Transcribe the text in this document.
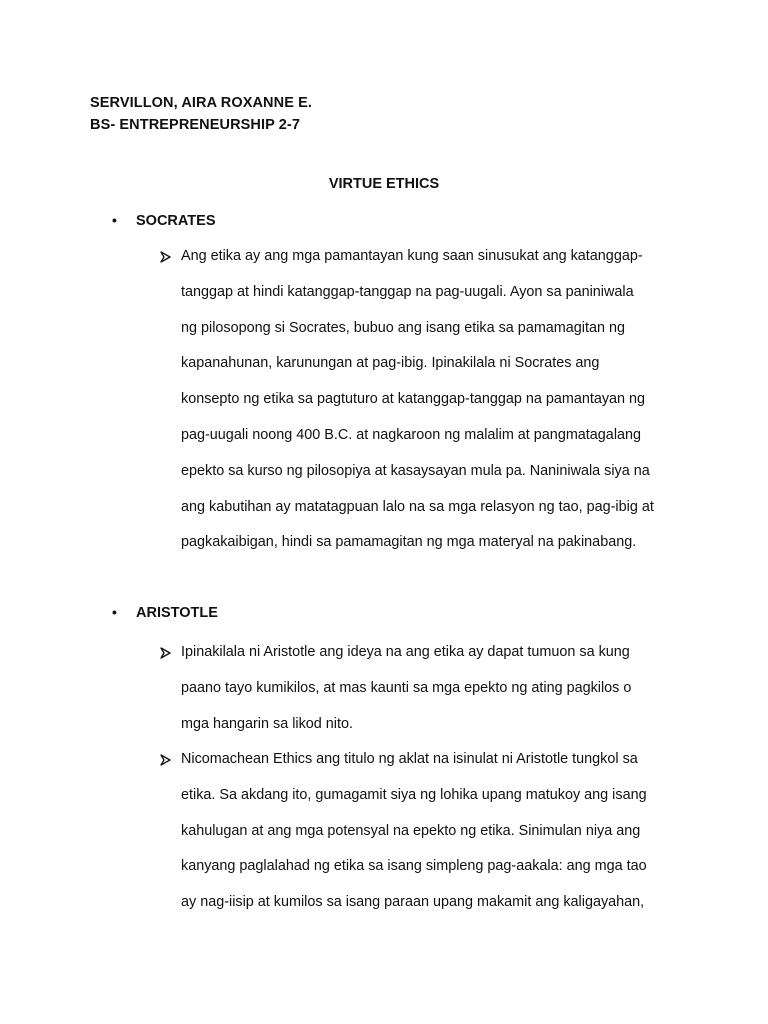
SERVILLON, AIRA ROXANNE E.
BS- ENTREPRENEURSHIP 2-7
VIRTUE ETHICS
• SOCRATES
Ang etika ay ang mga pamantayan kung saan sinusukat ang katanggap-
tanggap at hindi katanggap-tanggap na pag-uugali. Ayon sa paniniwala
ng pilosopong si Socrates, bubuo ang isang etika sa pamamagitan ng
kapanahunan, karunungan at pag-ibig. Ipinakilala ni Socrates ang
konsepto ng etika sa pagtuturo at katanggap-tanggap na pamantayan ng
pag-uugali noong 400 B.C. at nagkaroon ng malalim at pangmatagalang
epekto sa kurso ng pilosopiya at kasaysayan mula pa. Naniniwala siya na
ang kabutihan ay matatagpuan lalo na sa mga relasyon ng tao, pag-ibig at
pagkakaibigan, hindi sa pamamagitan ng mga materyal na pakinabang.
• ARISTOTLE
Ipinakilala ni Aristotle ang ideya na ang etika ay dapat tumuon sa kung
paano tayo kumikilos, at mas kaunti sa mga epekto ng ating pagkilos o
mga hangarin sa likod nito.
Nicomachean Ethics ang titulo ng aklat na isinulat ni Aristotle tungkol sa
etika. Sa akdang ito, gumagamit siya ng lohika upang matukoy ang isang
kahulugan at ang mga potensyal na epekto ng etika. Sinimulan niya ang
kanyang paglalahad ng etika sa isang simpleng pag-aakala: ang mga tao
ay nag-iisip at kumilos sa isang paraan upang makamit ang kaligayahan,
